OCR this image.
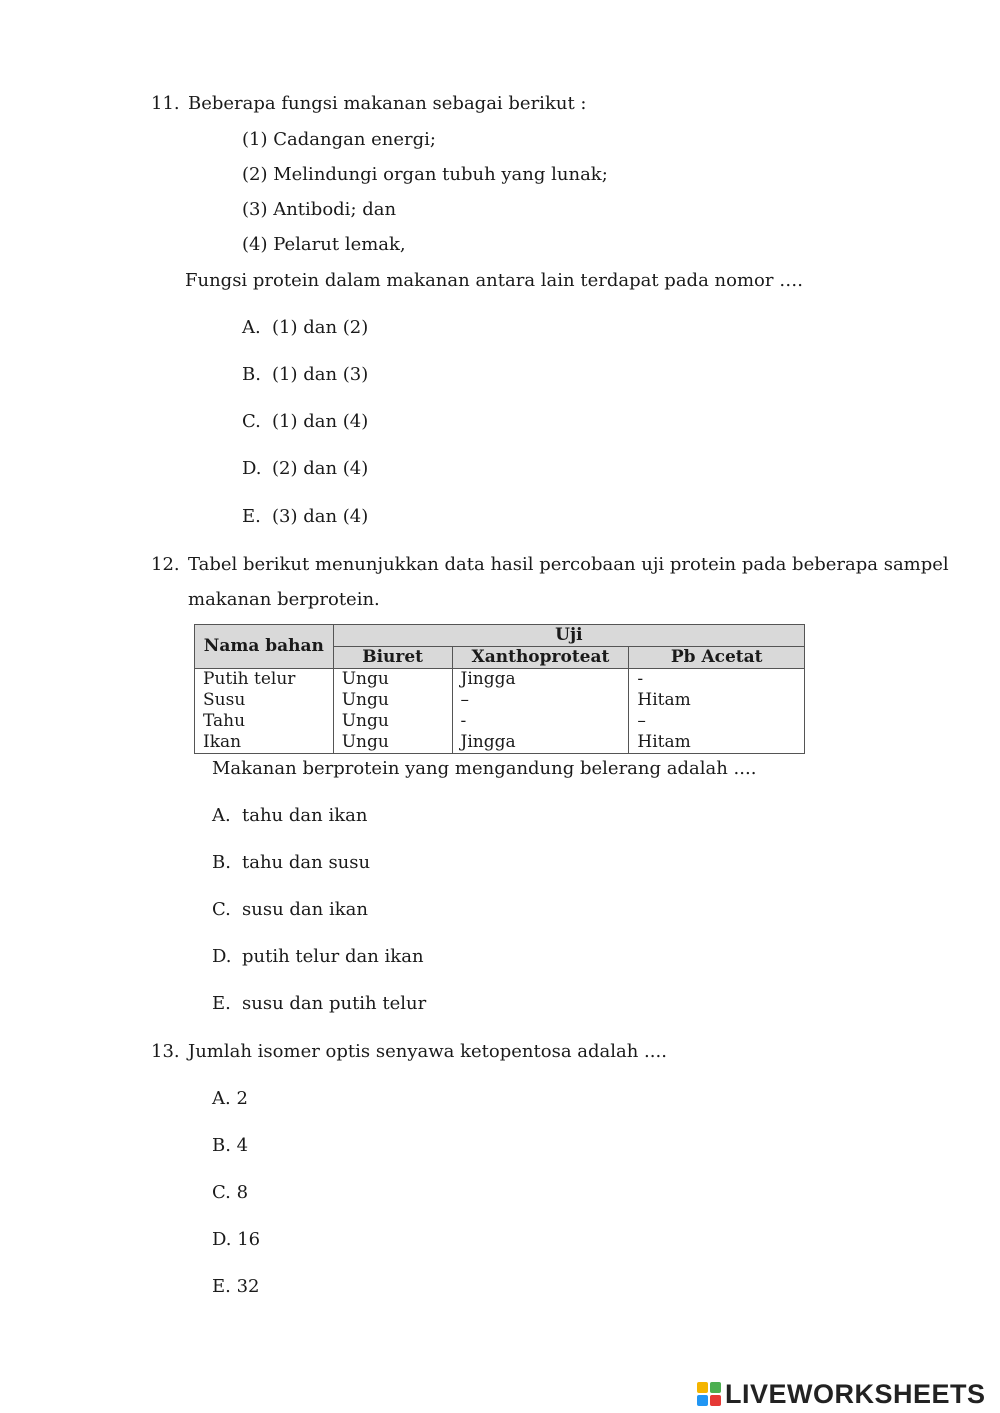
11. Beberapa fungsi makanan sebagai berikut :
(1) Cadangan energi;
(2) Melindungi organ tubuh yang lunak;
(3) Antibodi; dan
(4) Pelarut lemak,
Fungsi protein dalam makanan antara lain terdapat pada nomor ….
A. (1) dan (2)
B. (1) dan (3)
C. (1) dan (4)
D. (2) dan (4)
E. (3) dan (4)
12. Tabel berikut menunjukkan data hasil percobaan uji protein pada beberapa sampel
makanan berprotein.
Nama bahan	Uji		
	Biuret	Xanthoproteat	Pb Acetat
Putih telur	Ungu	Jingga	-
Susu	Ungu	–	Hitam
Tahu	Ungu	-	–
Ikan	Ungu	Jingga	Hitam
Makanan berprotein yang mengandung belerang adalah ....
A. tahu dan ikan
B. tahu dan susu
C. susu dan ikan
D. putih telur dan ikan
E. susu dan putih telur
13. Jumlah isomer optis senyawa ketopentosa adalah ....
A. 2
B. 4
C. 8
D. 16
E. 32
LIVEWORKSHEETS
